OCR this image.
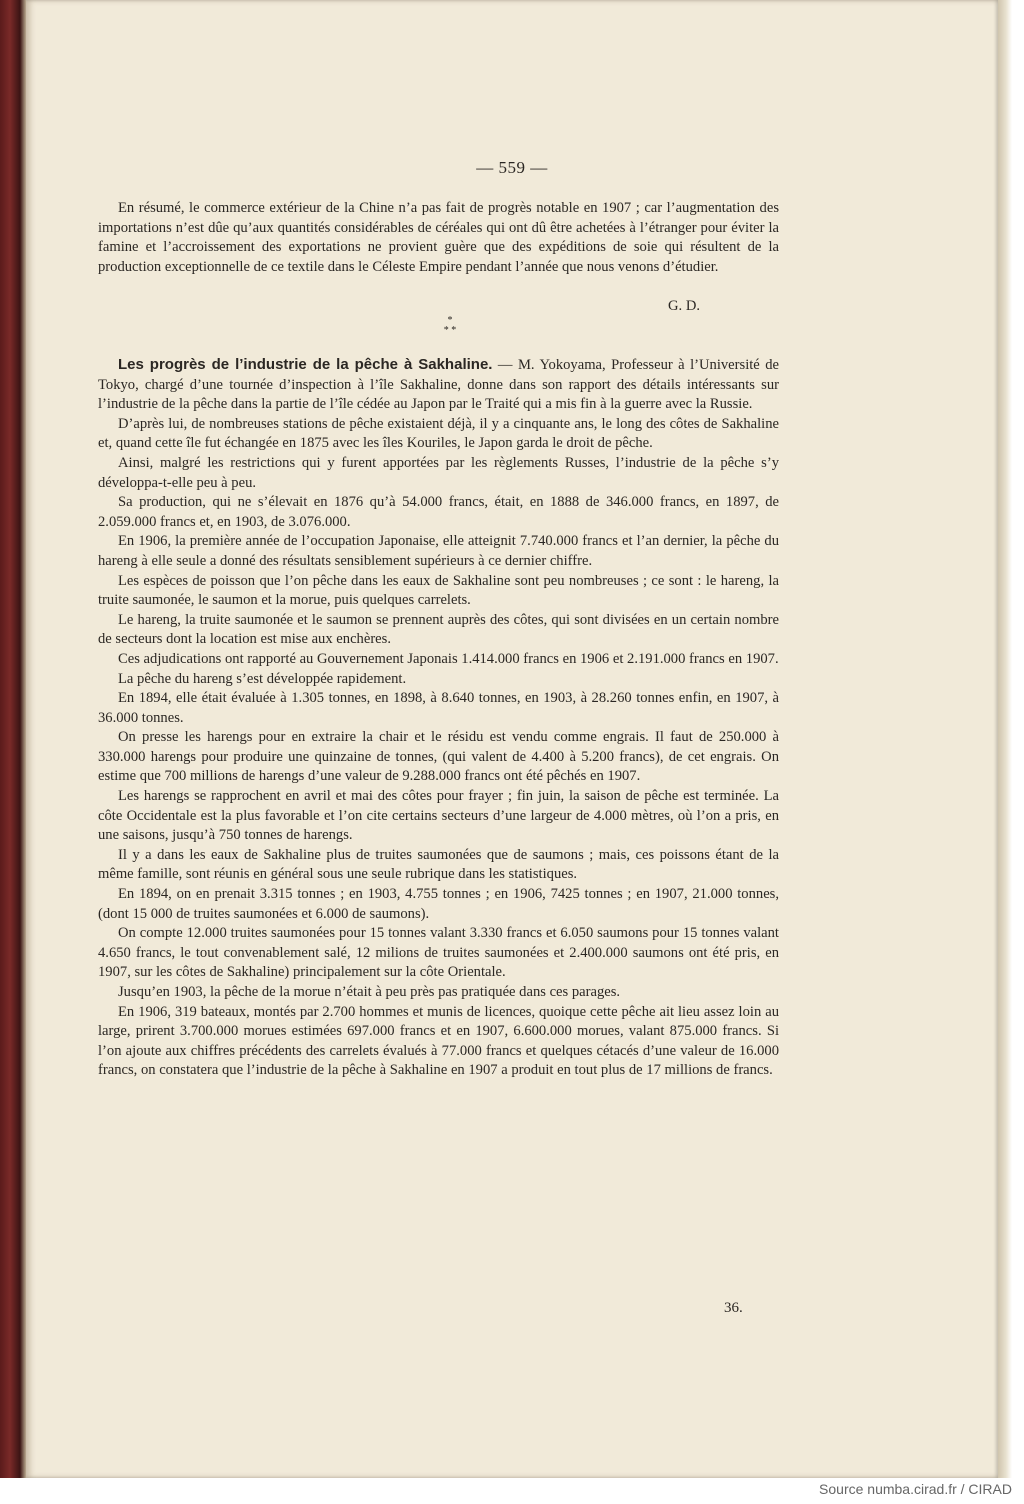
— 559 —

En résumé, le commerce extérieur de la Chine n’a pas fait de progrès notable en 1907 ; car l’augmentation des importations n’est dûe qu’aux quantités considérables de céréales qui ont dû être achetées à l’étranger pour éviter la famine et l’accroissement des exportations ne provient guère que des expéditions de soie qui résultent de la production exceptionnelle de ce textile dans le Céleste Empire pendant l’année que nous venons d’étudier.

G. D.
*
* *

Les progrès de l’industrie de la pêche à Sakhaline. — M. Yokoyama, Professeur à l’Université de Tokyo, chargé d’une tournée d’inspection à l’île Sakhaline, donne dans son rapport des détails intéressants sur l’industrie de la pêche dans la partie de l’île cédée au Japon par le Traité qui a mis fin à la guerre avec la Russie.

D’après lui, de nombreuses stations de pêche existaient déjà, il y a cinquante ans, le long des côtes de Sakhaline et, quand cette île fut échangée en 1875 avec les îles Kouriles, le Japon garda le droit de pêche.

Ainsi, malgré les restrictions qui y furent apportées par les règlements Russes, l’industrie de la pêche s’y développa-t-elle peu à peu.

Sa production, qui ne s’élevait en 1876 qu’à 54.000 francs, était, en 1888 de 346.000 francs, en 1897, de 2.059.000 francs et, en 1903, de 3.076.000.

En 1906, la première année de l’occupation Japonaise, elle atteignit 7.740.000 francs et l’an dernier, la pêche du hareng à elle seule a donné des résultats sensiblement supérieurs à ce dernier chiffre.

Les espèces de poisson que l’on pêche dans les eaux de Sakhaline sont peu nombreuses ; ce sont : le hareng, la truite saumonée, le saumon et la morue, puis quelques carrelets.

Le hareng, la truite saumonée et le saumon se prennent auprès des côtes, qui sont divisées en un certain nombre de secteurs dont la location est mise aux enchères.

Ces adjudications ont rapporté au Gouvernement Japonais 1.414.000 francs en 1906 et 2.191.000 francs en 1907.

La pêche du hareng s’est développée rapidement.

En 1894, elle était évaluée à 1.305 tonnes, en 1898, à 8.640 tonnes, en 1903, à 28.260 tonnes enfin, en 1907, à 36.000 tonnes.

On presse les harengs pour en extraire la chair et le résidu est vendu comme engrais. Il faut de 250.000 à 330.000 harengs pour produire une quinzaine de tonnes, (qui valent de 4.400 à 5.200 francs), de cet engrais. On estime que 700 millions de harengs d’une valeur de 9.288.000 francs ont été pêchés en 1907.

Les harengs se rapprochent en avril et mai des côtes pour frayer ; fin juin, la saison de pêche est terminée. La côte Occidentale est la plus favorable et l’on cite certains secteurs d’une largeur de 4.000 mètres, où l’on a pris, en une saisons, jusqu’à 750 tonnes de harengs.

Il y a dans les eaux de Sakhaline plus de truites saumonées que de saumons ; mais, ces poissons étant de la même famille, sont réunis en général sous une seule rubrique dans les statistiques.

En 1894, on en prenait 3.315 tonnes ; en 1903, 4.755 tonnes ; en 1906, 7425 tonnes ; en 1907, 21.000 tonnes, (dont 15 000 de truites saumonées et 6.000 de saumons).

On compte 12.000 truites saumonées pour 15 tonnes valant 3.330 francs et 6.050 saumons pour 15 tonnes valant 4.650 francs, le tout convenablement salé, 12 milions de truites saumonées et 2.400.000 saumons ont été pris, en 1907, sur les côtes de Sakhaline) principalement sur la côte Orientale.

Jusqu’en 1903, la pêche de la morue n’était à peu près pas pratiquée dans ces parages.

En 1906, 319 bateaux, montés par 2.700 hommes et munis de licences, quoique cette pêche ait lieu assez loin au large, prirent 3.700.000 morues estimées 697.000 francs et en 1907, 6.600.000 morues, valant 875.000 francs. Si l’on ajoute aux chiffres précédents des carrelets évalués à 77.000 francs et quelques cétacés d’une valeur de 16.000 francs, on constatera que l’industrie de la pêche à Sakhaline en 1907 a produit en tout plus de 17 millions de francs.

36.

Source numba.cirad.fr / CIRAD
